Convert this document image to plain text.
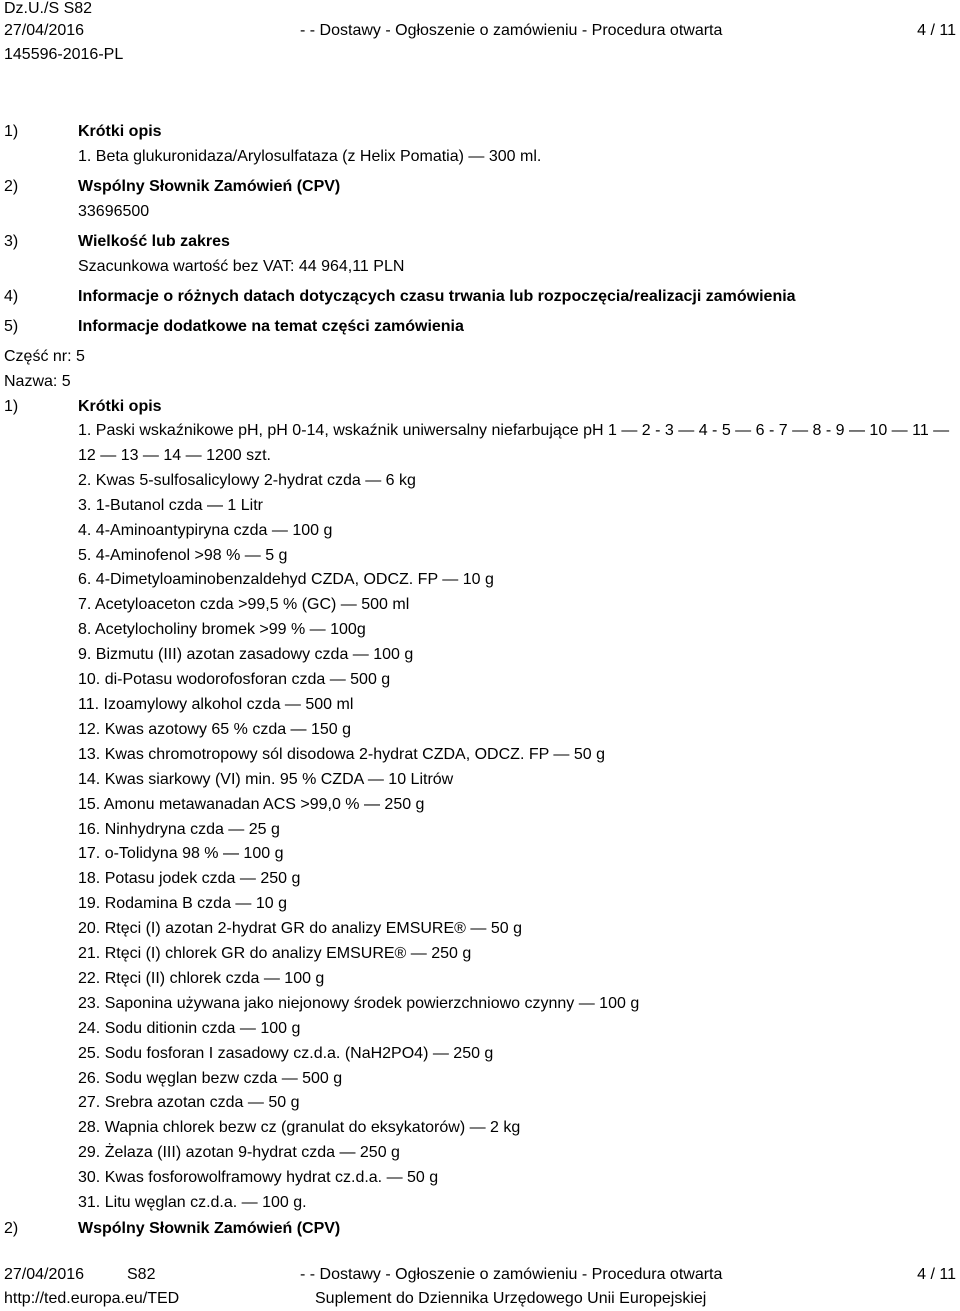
Dz.U./S S82
27/04/2016	- - Dostawy - Ogłoszenie o zamówieniu - Procedura otwarta	4 / 11
145596-2016-PL
1)	Krótki opis
1. Beta glukuronidaza/Arylosulfataza (z Helix Pomatia) — 300 ml.
2)	Wspólny Słownik Zamówień (CPV)
33696500
3)	Wielkość lub zakres
Szacunkowa wartość bez VAT: 44 964,11 PLN
4)	Informacje o różnych datach dotyczących czasu trwania lub rozpoczęcia/realizacji zamówienia
5)	Informacje dodatkowe na temat części zamówienia
Część nr: 5
Nazwa: 5
1)	Krótki opis
1. Paski wskaźnikowe pH, pH 0-14, wskaźnik uniwersalny niefarbujące pH 1 — 2 - 3 — 4 - 5 — 6 - 7 — 8 - 9 — 10 — 11 — 12 — 13 — 14 — 1200 szt.
2. Kwas 5-sulfosalicylowy 2-hydrat czda — 6 kg
3. 1-Butanol czda — 1 Litr
4. 4-Aminoantypiryna czda — 100 g
5. 4-Aminofenol >98 % — 5 g
6. 4-Dimetyloaminobenzaldehyd CZDA, ODCZ. FP — 10 g
7. Acetyloaceton czda >99,5 % (GC) — 500 ml
8. Acetylocholiny bromek >99 % — 100g
9. Bizmutu (III) azotan zasadowy czda — 100 g
10. di-Potasu wodorofosforan czda — 500 g
11. Izoamylowy alkohol czda — 500 ml
12. Kwas azotowy 65 % czda — 150 g
13. Kwas chromotropowy sól disodowa 2-hydrat CZDA, ODCZ. FP — 50 g
14. Kwas siarkowy (VI) min. 95 % CZDA — 10 Litrów
15. Amonu metawanadan ACS >99,0 % — 250 g
16. Ninhydryna czda — 25 g
17. o-Tolidyna 98 % — 100 g
18. Potasu jodek czda — 250 g
19. Rodamina B czda — 10 g
20. Rtęci (I) azotan 2-hydrat GR do analizy EMSURE® — 50 g
21. Rtęci (I) chlorek GR do analizy EMSURE® — 250 g
22. Rtęci (II) chlorek czda — 100 g
23. Saponina używana jako niejonowy środek powierzchniowo czynny — 100 g
24. Sodu ditionin czda — 100 g
25. Sodu fosforan I zasadowy cz.d.a. (NaH2PO4) — 250 g
26. Sodu węglan bezw czda — 500 g
27. Srebra azotan czda — 50 g
28. Wapnia chlorek bezw cz (granulat do eksykatorów) — 2 kg
29. Żelaza (III) azotan 9-hydrat czda — 250 g
30. Kwas fosforowolframowy hydrat cz.d.a. — 50 g
31. Litu węglan cz.d.a. — 100 g.
2)	Wspólny Słownik Zamówień (CPV)
27/04/2016	S82	- - Dostawy - Ogłoszenie o zamówieniu - Procedura otwarta	4 / 11
http://ted.europa.eu/TED	Suplement do Dziennika Urzędowego Unii Europejskiej
